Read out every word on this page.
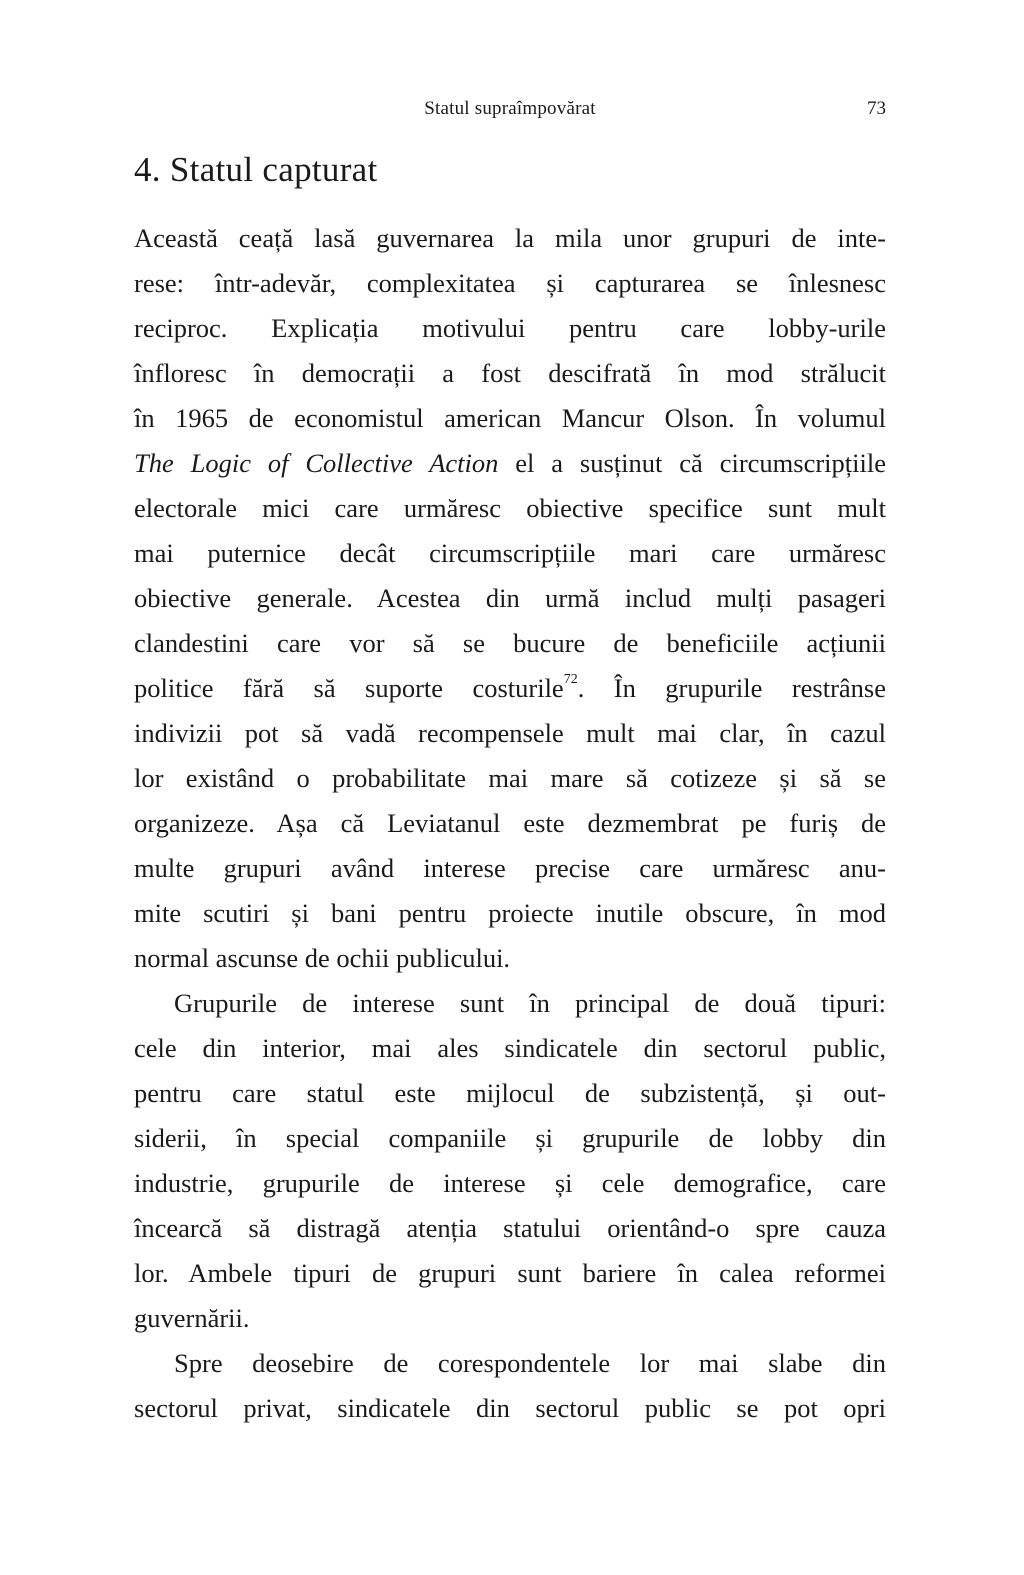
Statul supraîmpovărat	73
4. Statul capturat
Această ceață lasă guvernarea la mila unor grupuri de inte-
rese: într-adevăr, complexitatea și capturarea se înlesnesc
reciproc. Explicația motivului pentru care lobby-urile
înfloresc în democrații a fost descifrată în mod strălucit
în 1965 de economistul american Mancur Olson. În volumul
The Logic of Collective Action el a susținut că circumscripțiile
electorale mici care urmăresc obiective specifice sunt mult
mai puternice decât circumscripțiile mari care urmăresc
obiective generale. Acestea din urmă includ mulți pasageri
clandestini care vor să se bucure de beneficiile acțiunii
politice fără să suporte costurile$^{72}$. În grupurile restrânse
indivizii pot să vadă recompensele mult mai clar, în cazul
lor existând o probabilitate mai mare să cotizeze și să se
organizeze. Așa că Leviatanul este dezmembrat pe furiș de
multe grupuri având interese precise care urmăresc anu-
mite scutiri și bani pentru proiecte inutile obscure, în mod
normal ascunse de ochii publicului.
Grupurile de interese sunt în principal de două tipuri:
cele din interior, mai ales sindicatele din sectorul public,
pentru care statul este mijlocul de subzistență, și out-
siderii, în special companiile și grupurile de lobby din
industrie, grupurile de interese și cele demografice, care
încearcă să distragă atenția statului orientând-o spre cauza
lor. Ambele tipuri de grupuri sunt bariere în calea reformei
guvernării.
Spre deosebire de corespondentele lor mai slabe din
sectorul privat, sindicatele din sectorul public se pot opri
